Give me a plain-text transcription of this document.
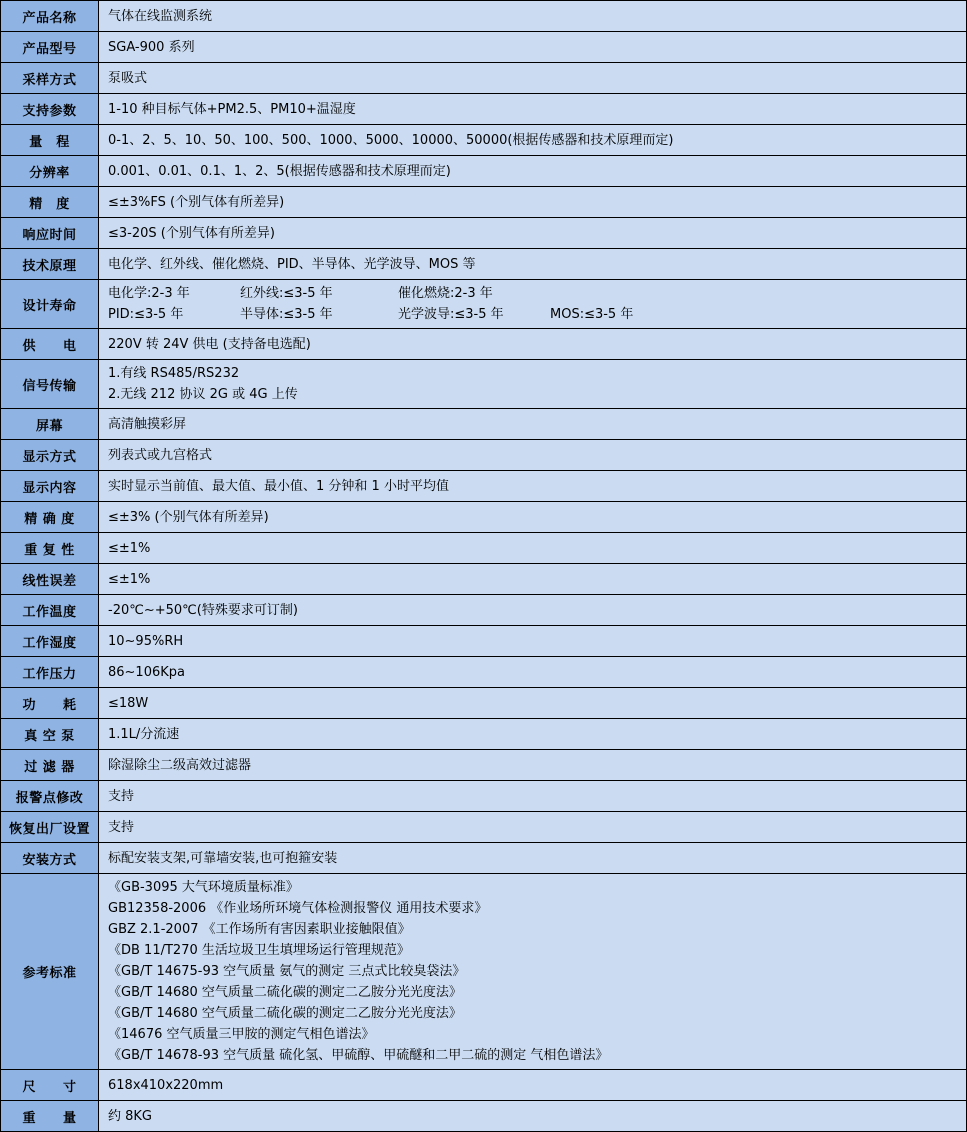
产品名称	气体在线监测系统

产品型号	SGA-900 系列

采样方式	泵吸式

支持参数	1-10 种目标气体+PM2.5、PM10+温湿度

量　程	0-1、2、5、10、50、100、500、1000、5000、10000、50000(根据传感器和技术原理而定)

分辨率	0.001、0.01、0.1、1、2、5(根据传感器和技术原理而定)

精　度	≤±3%FS (个别气体有所差异)

响应时间	≤3-20S (个别气体有所差异)

技术原理	电化学、红外线、催化燃烧、PID、半导体、光学波导、MOS 等

设计寿命	电化学:2-3 年 红外线:≤3-5 年 催化燃烧:2-3 年
PID:≤3-5 年 半导体:≤3-5 年 光学波导:≤3-5 年 MOS:≤3-5 年

供　　电	220V 转 24V 供电 (支持备电选配)

信号传输	1.有线 RS485/RS232
2.无线 212 协议 2G 或 4G 上传

屏幕	高清触摸彩屏

显示方式	列表式或九宫格式

显示内容	实时显示当前值、最大值、最小值、1 分钟和 1 小时平均值

精 确 度	≤±3% (个别气体有所差异)

重 复 性	≤±1%

线性误差	≤±1%

工作温度	-20℃~+50℃(特殊要求可订制)

工作湿度	10~95%RH

工作压力	86~106Kpa

功　　耗	≤18W

真 空 泵	1.1L/分流速

过 滤 器	除湿除尘二级高效过滤器

报警点修改	支持

恢复出厂设置	支持

安装方式	标配安装支架,可靠墙安装,也可抱箍安装

参考标准	
《GB-3095 大气环境质量标准》
GB12358-2006 《作业场所环境气体检测报警仪 通用技术要求》
GBZ 2.1-2007 《工作场所有害因素职业接触限值》
《DB 11/T270 生活垃圾卫生填埋场运行管理规范》
《GB/T 14675-93 空气质量 氨气的测定 三点式比较臭袋法》
《GB/T 14680 空气质量二硫化碳的测定二乙胺分光光度法》
《GB/T 14680 空气质量二硫化碳的测定二乙胺分光光度法》
《14676 空气质量三甲胺的测定气相色谱法》
《GB/T 14678-93 空气质量 硫化氢、甲硫醇、甲硫醚和二甲二硫的测定 气相色谱法》

尺　　寸	618x410x220mm

重　　量	约 8KG
